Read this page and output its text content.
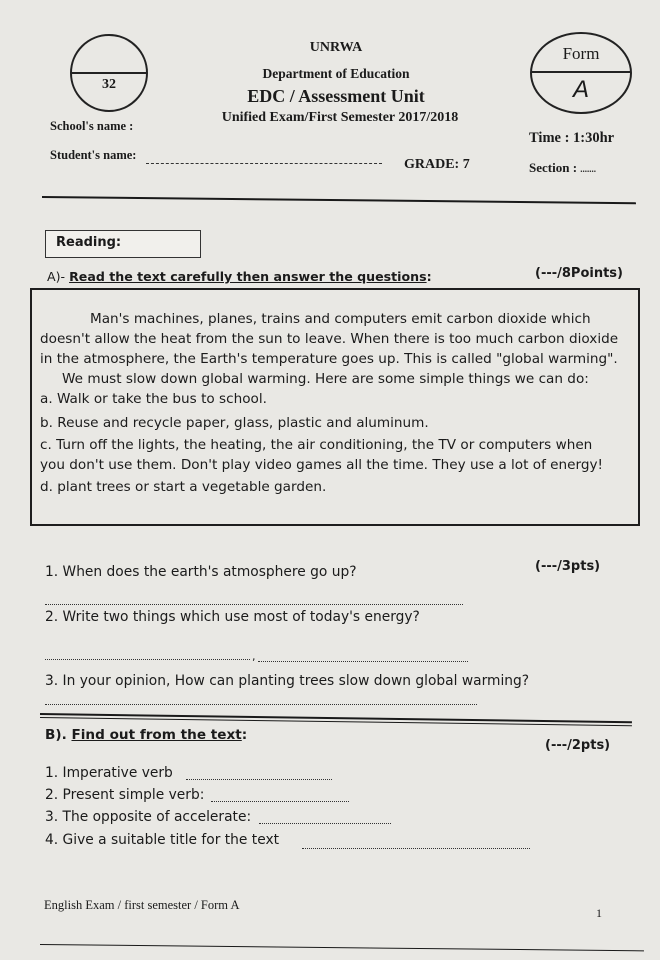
32
UNRWA
Department of Education
EDC / Assessment Unit
Unified Exam/First Semester 2017/2018
Form
A
School's name :
Time : 1:30hr
Student's name:
GRADE: 7	Section : .......
Reading:
A)- Read the text carefully then answer the questions:	(---/8Points)

Man's machines, planes, trains and computers emit carbon dioxide which

doesn't allow the heat from the sun to leave. When there is too much carbon dioxide

in the atmosphere, the Earth's temperature goes up. This is called "global warming".

We must slow down global warming. Here are some simple things we can do:

a. Walk or take the bus to school.

b. Reuse and recycle paper, glass, plastic and aluminum.

c. Turn off the lights, the heating, the air conditioning, the TV or computers when

you don't use them. Don't play video games all the time. They use a lot of energy!

d. plant trees or start a vegetable garden.

(---/3pts)
1. When does the earth's atmosphere go up?
2. Write two things which use most of today's energy?
,
3. In your opinion, How can planting trees slow down global warming?
B). Find out from the text:
(---/2pts)
1. Imperative verb
2. Present simple verb:
3. The opposite of accelerate:
4. Give a suitable title for the text
English Exam / first semester / Form A
1
